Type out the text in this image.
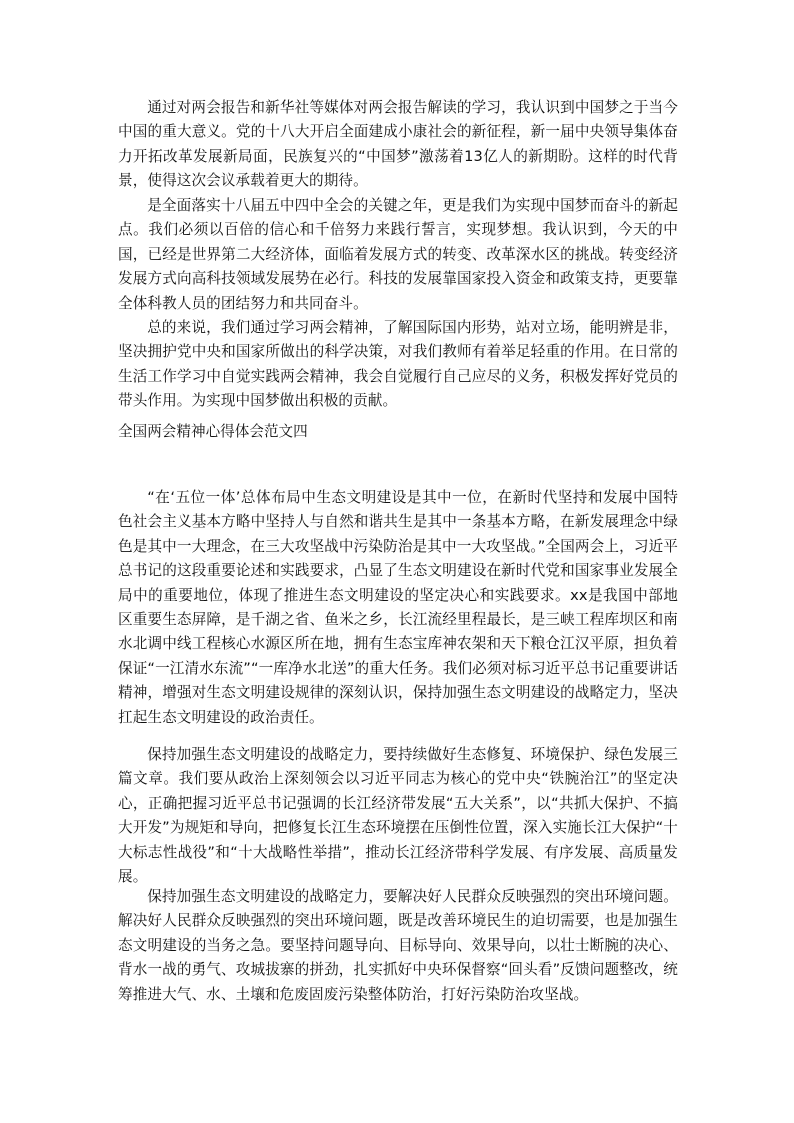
通过对两会报告和新华社等媒体对两会报告解读的学习，我认识到中国梦之于当今中国的重大意义。党的十八大开启全面建成小康社会的新征程，新一届中央领导集体奋力开拓改革发展新局面，民族复兴的“中国梦”激荡着13亿人的新期盼。这样的时代背景，使得这次会议承载着更大的期待。

是全面落实十八届五中四中全会的关键之年，更是我们为实现中国梦而奋斗的新起点。我们必须以百倍的信心和千倍努力来践行誓言，实现梦想。我认识到，今天的中国，已经是世界第二大经济体，面临着发展方式的转变、改革深水区的挑战。转变经济发展方式向高科技领域发展势在必行。科技的发展靠国家投入资金和政策支持，更要靠全体科教人员的团结努力和共同奋斗。

总的来说，我们通过学习两会精神，了解国际国内形势，站对立场，能明辨是非，坚决拥护党中央和国家所做出的科学决策，对我们教师有着举足轻重的作用。在日常的生活工作学习中自觉实践两会精神，我会自觉履行自己应尽的义务，积极发挥好党员的带头作用。为实现中国梦做出积极的贡献。

全国两会精神心得体会范文四

“在‘五位一体’总体布局中生态文明建设是其中一位，在新时代坚持和发展中国特色社会主义基本方略中坚持人与自然和谐共生是其中一条基本方略，在新发展理念中绿色是其中一大理念，在三大攻坚战中污染防治是其中一大攻坚战。”全国两会上，习近平总书记的这段重要论述和实践要求，凸显了生态文明建设在新时代党和国家事业发展全局中的重要地位，体现了推进生态文明建设的坚定决心和实践要求。xx是我国中部地区重要生态屏障，是千湖之省、鱼米之乡，长江流经里程最长，是三峡工程库坝区和南水北调中线工程核心水源区所在地，拥有生态宝库神农架和天下粮仓江汉平原，担负着保证“一江清水东流”“一库净水北送”的重大任务。我们必须对标习近平总书记重要讲话精神，增强对生态文明建设规律的深刻认识，保持加强生态文明建设的战略定力，坚决扛起生态文明建设的政治责任。

保持加强生态文明建设的战略定力，要持续做好生态修复、环境保护、绿色发展三篇文章。我们要从政治上深刻领会以习近平同志为核心的党中央“铁腕治江”的坚定决心，正确把握习近平总书记强调的长江经济带发展“五大关系”，以“共抓大保护、不搞大开发”为规矩和导向，把修复长江生态环境摆在压倒性位置，深入实施长江大保护“十大标志性战役”和“十大战略性举措”，推动长江经济带科学发展、有序发展、高质量发展。

保持加强生态文明建设的战略定力，要解决好人民群众反映强烈的突出环境问题。解决好人民群众反映强烈的突出环境问题，既是改善环境民生的迫切需要，也是加强生态文明建设的当务之急。要坚持问题导向、目标导向、效果导向，以壮士断腕的决心、背水一战的勇气、攻城拔寨的拼劲，扎实抓好中央环保督察“回头看”反馈问题整改，统筹推进大气、水、土壤和危废固废污染整体防治，打好污染防治攻坚战。
